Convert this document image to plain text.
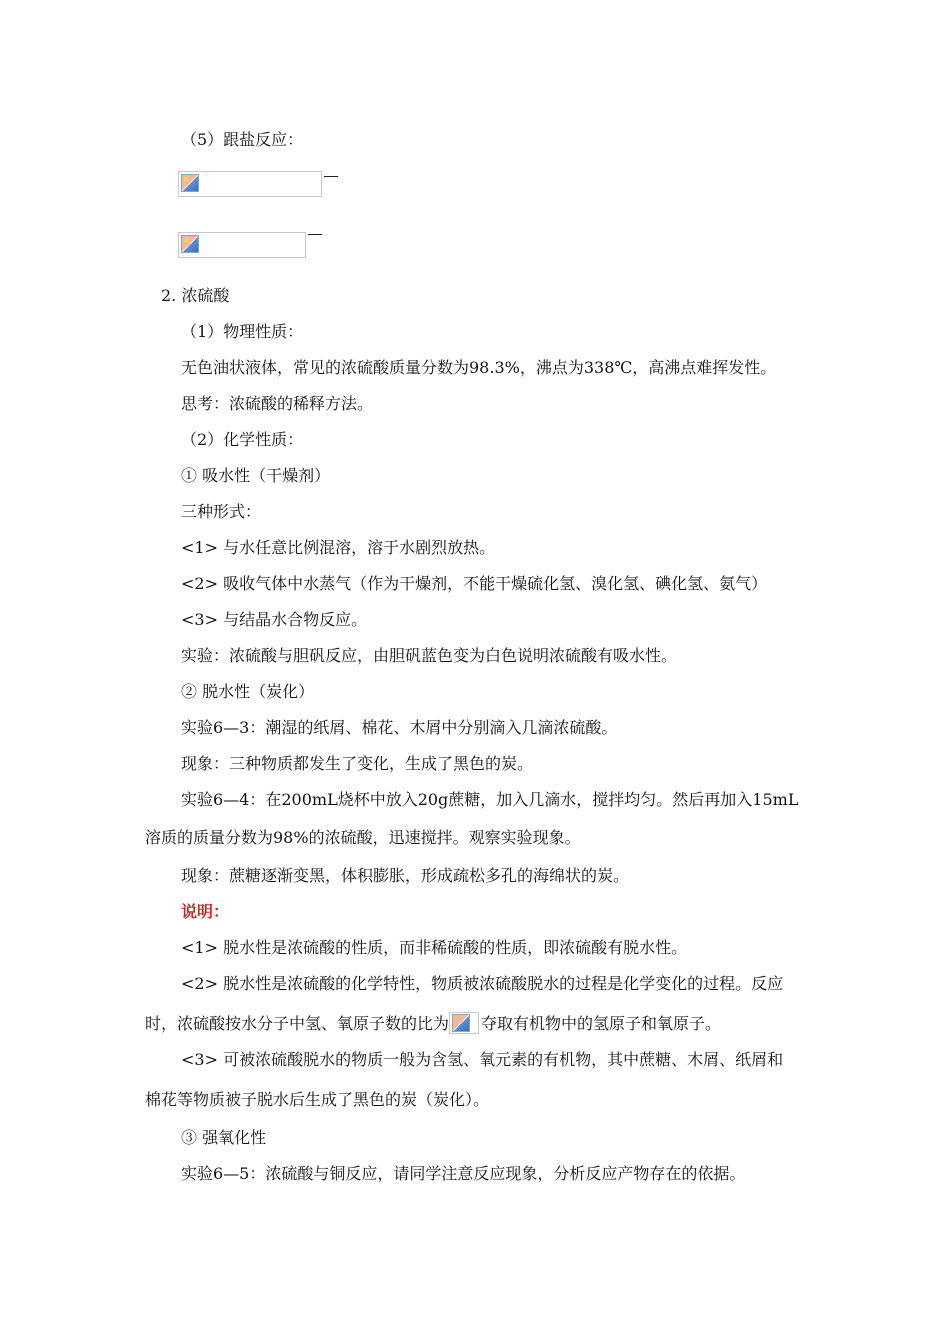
（5）跟盐反应：
2. 浓硫酸
（1）物理性质：
无色油状液体，常见的浓硫酸质量分数为98.3%，沸点为338℃，高沸点难挥发性。
思考：浓硫酸的稀释方法。
（2）化学性质：
① 吸水性（干燥剂）
三种形式：
<1> 与水任意比例混溶，溶于水剧烈放热。
<2> 吸收气体中水蒸气（作为干燥剂，不能干燥硫化氢、溴化氢、碘化氢、氨气）
<3> 与结晶水合物反应。
实验：浓硫酸与胆矾反应，由胆矾蓝色变为白色说明浓硫酸有吸水性。
② 脱水性（炭化）
实验6—3：潮湿的纸屑、棉花、木屑中分别滴入几滴浓硫酸。
现象：三种物质都发生了变化，生成了黑色的炭。
实验6—4：在200mL烧杯中放入20g蔗糖，加入几滴水，搅拌均匀。然后再加入15mL
溶质的质量分数为98%的浓硫酸，迅速搅拌。观察实验现象。
现象：蔗糖逐渐变黑，体积膨胀，形成疏松多孔的海绵状的炭。
说明：
<1> 脱水性是浓硫酸的性质，而非稀硫酸的性质，即浓硫酸有脱水性。
<2> 脱水性是浓硫酸的化学特性，物质被浓硫酸脱水的过程是化学变化的过程。反应
时，浓硫酸按水分子中氢、氧原子数的比为 夺取有机物中的氢原子和氧原子。
<3> 可被浓硫酸脱水的物质一般为含氢、氧元素的有机物，其中蔗糖、木屑、纸屑和
棉花等物质被子脱水后生成了黑色的炭（炭化）。
③ 强氧化性
实验6—5：浓硫酸与铜反应，请同学注意反应现象，分析反应产物存在的依据。
